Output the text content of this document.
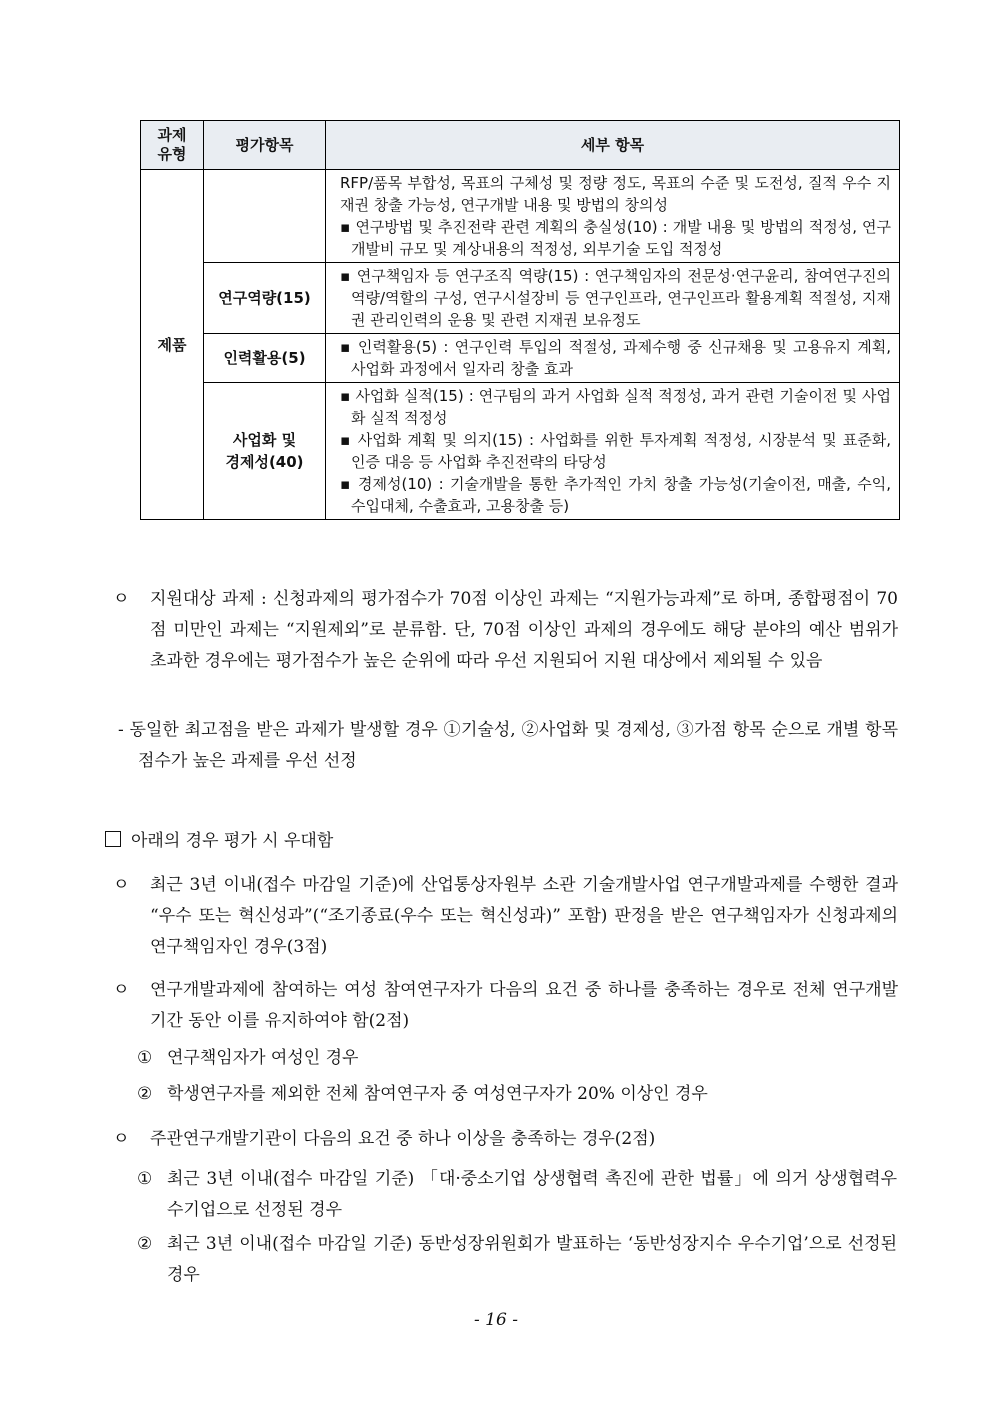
과제
유형	평가항목	세부 항목
제품		RFP/품목 부합성, 목표의 구체성 및 정량 정도, 목표의 수준 및 도전성, 질적 우수 지재권 창출 가능성, 연구개발 내용 및 방법의 창의성
▪ 연구방법 및 추진전략 관련 계획의 충실성(10) : 개발 내용 및 방법의 적정성, 연구개발비 규모 및 계상내용의 적정성, 외부기술 도입 적정성

	연구역량(15)	▪ 연구책임자 등 연구조직 역량(15) : 연구책임자의 전문성·연구윤리, 참여연구진의 역량/역할의 구성, 연구시설장비 등 연구인프라, 연구인프라 활용계획 적절성, 지재권 관리인력의 운용 및 관련 지재권 보유정도

	인력활용(5)	▪ 인력활용(5) : 연구인력 투입의 적절성, 과제수행 중 신규채용 및 고용유지 계획, 사업화 과정에서 일자리 창출 효과

	사업화 및
경제성(40)	▪ 사업화 실적(15) : 연구팀의 과거 사업화 실적 적정성, 과거 관련 기술이전 및 사업화 실적 적정성
▪ 사업화 계획 및 의지(15) : 사업화를 위한 투자계획 적정성, 시장분석 및 표준화, 인증 대응 등 사업화 추진전략의 타당성
▪ 경제성(10) : 기술개발을 통한 추가적인 가치 창출 가능성(기술이전, 매출, 수익, 수입대체, 수출효과, 고용창출 등)
ㅇ	지원대상 과제 : 신청과제의 평가점수가 70점 이상인 과제는 “지원가능과제”로 하며, 종합평점이 70점 미만인 과제는 “지원제외”로 분류함. 단, 70점 이상인 과제의 경우에도 해당 분야의 예산 범위가 초과한 경우에는 평가점수가 높은 순위에 따라 우선 지원되어 지원 대상에서 제외될 수 있음
- 동일한 최고점을 받은 과제가 발생할 경우 ①기술성, ②사업화 및 경제성, ③가점 항목 순으로 개별 항목 점수가 높은 과제를 우선 선정
아래의 경우 평가 시 우대함
ㅇ	최근 3년 이내(접수 마감일 기준)에 산업통상자원부 소관 기술개발사업 연구개발과제를 수행한 결과 “우수 또는 혁신성과”(“조기종료(우수 또는 혁신성과)” 포함) 판정을 받은 연구책임자가 신청과제의 연구책임자인 경우(3점)
ㅇ	연구개발과제에 참여하는 여성 참여연구자가 다음의 요건 중 하나를 충족하는 경우로 전체 연구개발기간 동안 이를 유지하여야 함(2점)
① 연구책임자가 여성인 경우
② 학생연구자를 제외한 전체 참여연구자 중 여성연구자가 20% 이상인 경우
ㅇ	주관연구개발기관이 다음의 요건 중 하나 이상을 충족하는 경우(2점)
① 최근 3년 이내(접수 마감일 기준) 「대·중소기업 상생협력 촉진에 관한 법률」에 의거 상생협력우수기업으로 선정된 경우
② 최근 3년 이내(접수 마감일 기준) 동반성장위원회가 발표하는 ‘동반성장지수 우수기업’으로 선정된 경우
- 16 -
